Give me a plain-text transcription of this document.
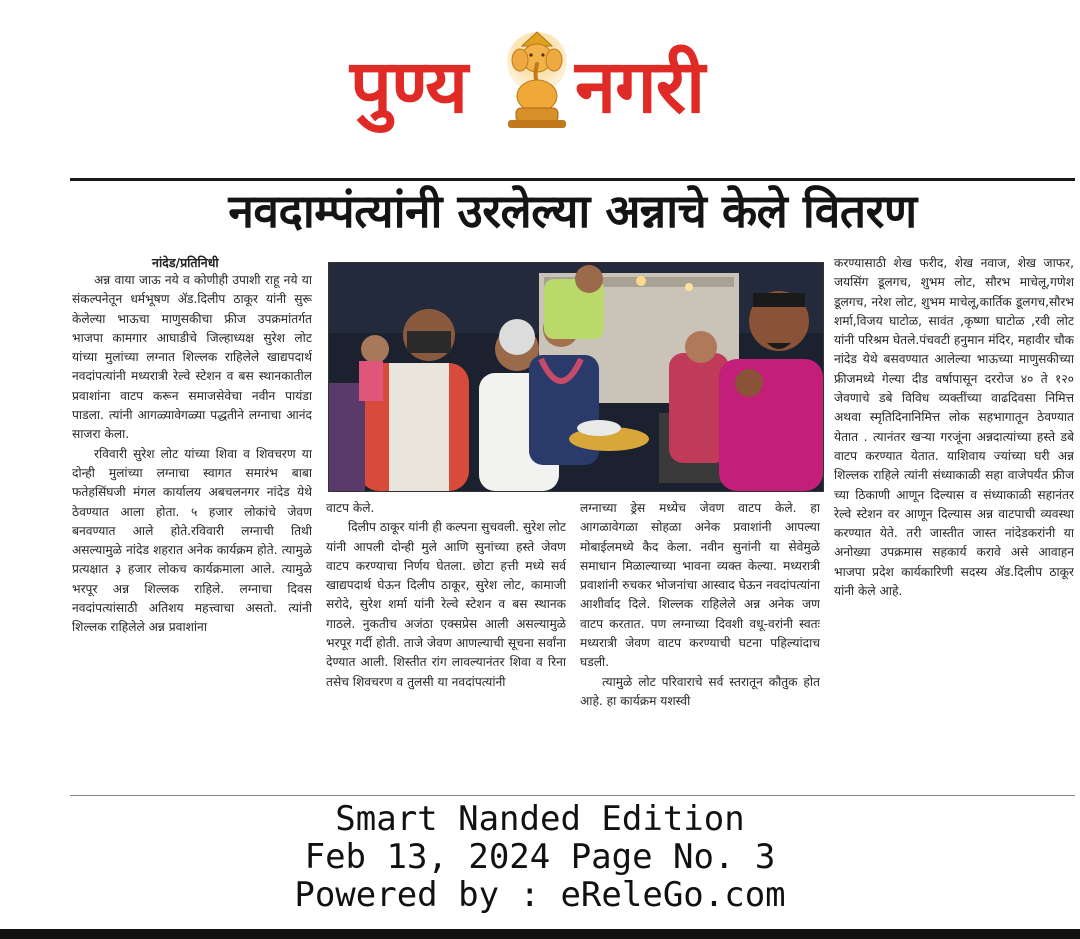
पुण्य नगरी
नवदाम्पंत्यांनी उरलेल्या अन्नाचे केले वितरण
नांदेड/प्रतिनिधी

अन्न वाया जाऊ नये व कोणीही उपाशी राहू नये या संकल्पनेतून धर्मभूषण ॲड.दिलीप ठाकूर यांनी सुरू केलेल्या भाऊचा माणुसकीचा फ्रीज उपक्रमांतर्गत भाजपा कामगार आघाडीचे जिल्हाध्यक्ष सुरेश लोट यांच्या मुलांच्या लग्नात शिल्लक राहिलेले खाद्यपदार्थ नवदांपत्यांनी मध्यरात्री रेल्वे स्टेशन व बस स्थानकातील प्रवाशांना वाटप करून समाजसेवेचा नवीन पायंडा पाडला. त्यांनी आगळ्यावेगळ्या पद्धतीने लग्नाचा आनंद साजरा केला.

रविवारी सुरेश लोट यांच्या शिवा व शिवचरण या दोन्ही मुलांच्या लग्नाचा स्वागत समारंभ बाबा फतेहसिंघजी मंगल कार्यालय अबचलनगर नांदेड येथे ठेवण्यात आला होता. ५ हजार लोकांचे जेवण बनवण्यात आले होते.रविवारी लग्नाची तिथी असल्यामुळे नांदेड शहरात अनेक कार्यक्रम होते. त्यामुळे प्रत्यक्षात ३ हजार लोकच कार्यक्रमाला आले. त्यामुळे भरपूर अन्न शिल्लक राहिले. लग्नाचा दिवस नवदांपत्यांसाठी अतिशय महत्त्वाचा असतो. त्यांनी शिल्लक राहिलेले अन्न प्रवाशांना

वाटप केले.

दिलीप ठाकूर यांनी ही कल्पना सुचवली. सुरेश लोट यांनी आपली दोन्ही मुले आणि सुनांच्या हस्ते जेवण वाटप करण्याचा निर्णय घेतला. छोटा हत्ती मध्ये सर्व खाद्यपदार्थ घेऊन दिलीप ठाकूर, सुरेश लोट, कामाजी सरोदे, सुरेश शर्मा यांनी रेल्वे स्टेशन व बस स्थानक गाठले. नुकतीच अजंठा एक्सप्रेस आली असल्यामुळे भरपूर गर्दी होती. ताजे जेवण आणल्याची सूचना सर्वांना देण्यात आली. शिस्तीत रांग लावल्यानंतर शिवा व रिना तसेच शिवचरण व तुलसी या नवदांपत्यांनी

लग्नाच्या ड्रेस मध्येच जेवण वाटप केले. हा आगळावेगळा सोहळा अनेक प्रवाशांनी आपल्या मोबाईलमध्ये कैद केला. नवीन सुनांनी या सेवेमुळे समाधान मिळाल्याच्या भावना व्यक्त केल्या. मध्यरात्री प्रवाशांनी रुचकर भोजनांचा आस्वाद घेऊन नवदांपत्यांना आशीर्वाद दिले. शिल्लक राहिलेले अन्न अनेक जण वाटप करतात. पण लग्नाच्या दिवशी वधू-वरांनी स्वतः मध्यरात्री जेवण वाटप करण्याची घटना पहिल्यांदाच घडली.

त्यामुळे लोट परिवाराचे सर्व स्तरातून कौतुक होत आहे. हा कार्यक्रम यशस्वी

करण्यासाठी शेख फरीद, शेख नवाज, शेख जाफर, जयसिंग डूलगच, शुभम लोट, सौरभ माचेलू,गणेश डूलगच, नरेश लोट, शुभम माचेलू,कार्तिक डूलगच,सौरभ शर्मा,विजय घाटोळ, सावंत ,कृष्णा घाटोळ ,रवी लोट यांनी परिश्रम घेतले.पंचवटी हनुमान मंदिर, महावीर चौक नांदेड येथे बसवण्यात आलेल्या भाऊच्या माणुसकीच्या फ्रीजमध्ये गेल्या दीड वर्षापासून दररोज ४० ते १२० जेवणाचे डबे विविध व्यक्तींच्या वाढदिवसा निमित्त अथवा स्मृतिदिनानिमित्त लोक सहभागातून ठेवण्यात येतात . त्यानंतर खऱ्या गरजूंना अन्नदात्यांच्या हस्ते डबे वाटप करण्यात येतात. याशिवाय ज्यांच्या घरी अन्न शिल्लक राहिले त्यांनी संध्याकाळी सहा वाजेपर्यंत फ्रीज च्या ठिकाणी आणून दिल्यास व संध्याकाळी सहानंतर रेल्वे स्टेशन वर आणून दिल्यास अन्न वाटपाची व्यवस्था करण्यात येते. तरी जास्तीत जास्त नांदेडकरांनी या अनोख्या उपक्रमास सहकार्य करावे असे आवाहन भाजपा प्रदेश कार्यकारिणी सदस्य ॲड.दिलीप ठाकूर यांनी केले आहे.

Smart Nanded Edition
Feb 13, 2024 Page No. 3
Powered by : eReleGo.com
